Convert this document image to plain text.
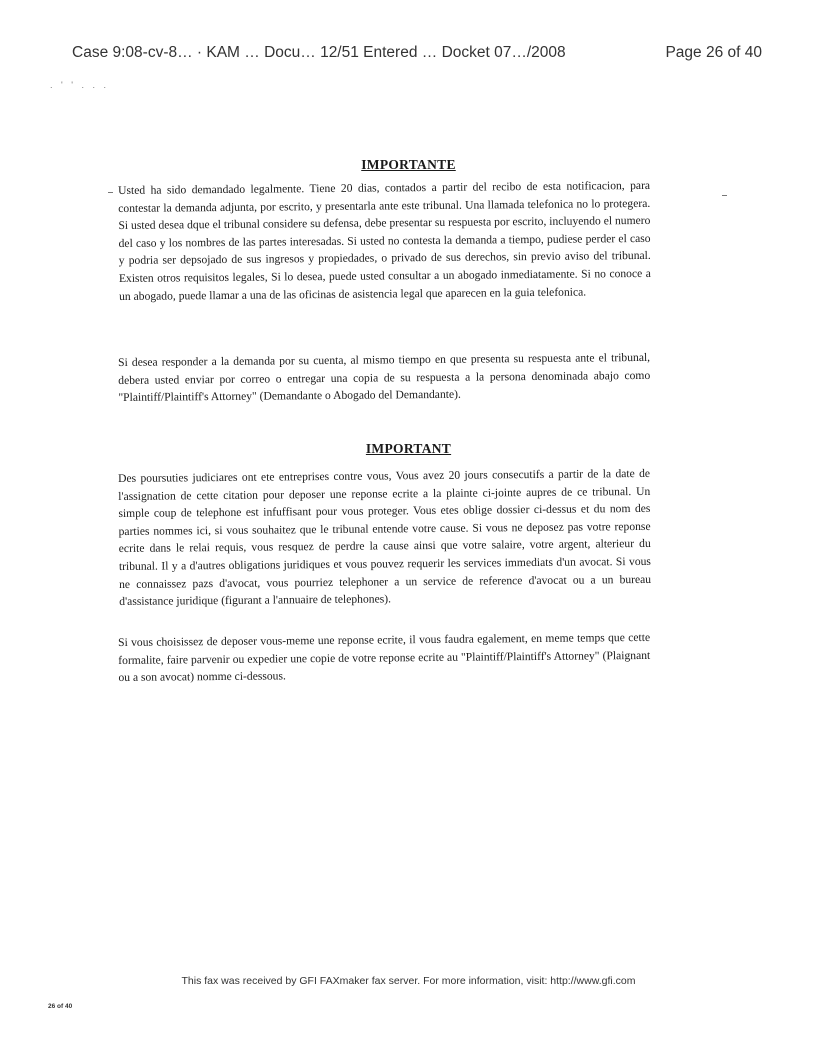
Case 9:08-cv-8… · KAM … Docu… 12/51 Entered … Docket 07…/2008	Page 26 of 40
. ' ' . . .
IMPORTANTE
Usted ha sido demandado legalmente. Tiene 20 dias, contados a partir del recibo de esta notificacion, para contestar la demanda adjunta, por escrito, y presentarla ante este tribunal. Una llamada telefonica no lo protegera. Si usted desea dque el tribunal considere su defensa, debe presentar su respuesta por escrito, incluyendo el numero del caso y los nombres de las partes interesadas. Si usted no contesta la demanda a tiempo, pudiese perder el caso y podria ser depsojado de sus ingresos y propiedades, o privado de sus derechos, sin previo aviso del tribunal. Existen otros requisitos legales, Si lo desea, puede usted consultar a un abogado inmediatamente. Si no conoce a un abogado, puede llamar a una de las oficinas de asistencia legal que aparecen en la guia telefonica.
Si desea responder a la demanda por su cuenta, al mismo tiempo en que presenta su respuesta ante el tribunal, debera usted enviar por correo o entregar una copia de su respuesta a la persona denominada abajo como "Plaintiff/Plaintiff's Attorney" (Demandante o Abogado del Demandante).
IMPORTANT
Des poursuties judiciares ont ete entreprises contre vous, Vous avez 20 jours consecutifs a partir de la date de l'assignation de cette citation pour deposer une reponse ecrite a la plainte ci-jointe aupres de ce tribunal. Un simple coup de telephone est infuffisant pour vous proteger. Vous etes oblige dossier ci-dessus et du nom des parties nommes ici, si vous souhaitez que le tribunal entende votre cause. Si vous ne deposez pas votre reponse ecrite dans le relai requis, vous resquez de perdre la cause ainsi que votre salaire, votre argent, alterieur du tribunal. Il y a d'autres obligations juridiques et vous pouvez requerir les services immediats d'un avocat. Si vous ne connaissez pazs d'avocat, vous pourriez telephoner a un service de reference d'avocat ou a un bureau d'assistance juridique (figurant a l'annuaire de telephones).
Si vous choisissez de deposer vous-meme une reponse ecrite, il vous faudra egalement, en meme temps que cette formalite, faire parvenir ou expedier une copie de votre reponse ecrite au "Plaintiff/Plaintiff's Attorney" (Plaignant ou a son avocat) nomme ci-dessous.
This fax was received by GFI FAXmaker fax server. For more information, visit: http://www.gfi.com
26 of 40
